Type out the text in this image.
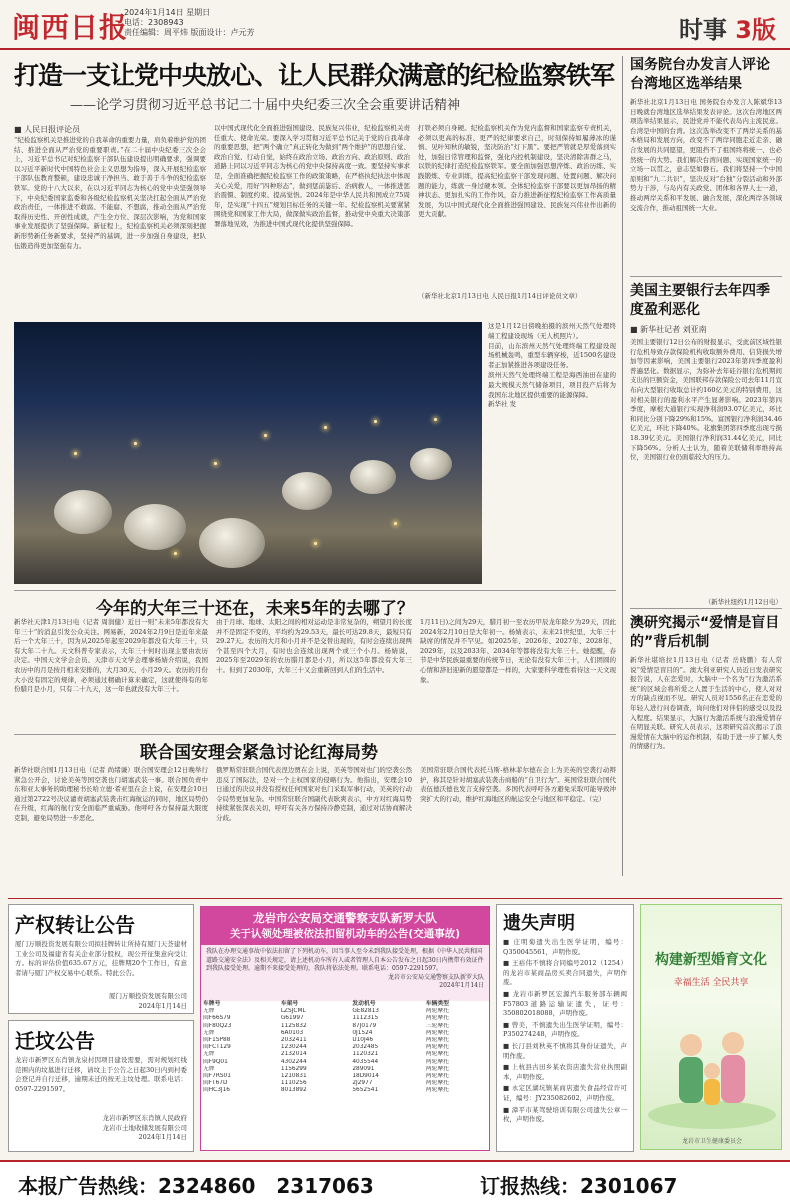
闽西日报
2024年1月14日 星期日
电话：2308943
责任编辑：周平炜 版面设计：卢元芳	时事 3版
打造一支让党中央放心、让人民群众满意的纪检监察铁军
——论学习贯彻习近平总书记二十届中央纪委三次全会重要讲话精神
■ 人民日报评论员
“纪检监察机关是推进党的自我革命的重要力量，肩负着维护党的团结、推进全面从严治党的重要职责。”在二十届中央纪委三次全会上，习近平总书记对纪检监察干部队伍建设提出明确要求，强调要以习近平新时代中国特色社会主义思想为指导，深入开展纪检监察干部队伍教育整顿，建设忠诚干净担当、敢于善于斗争的纪检监察铁军。党的十八大以来，在以习近平同志为核心的党中央坚强领导下，中央纪委国家监委和各级纪检监察机关坚决扛起全面从严治党政治责任，一体推进不敢腐、不能腐、不想腐，推动全面从严治党取得历史性、开创性成就，产生全方位、深层次影响，为党和国家事业发展提供了坚强保障。新征程上，纪检监察机关必须深刻把握新形势新任务新要求，坚持严的基调，进一步加强自身建设，把队伍锻造得更加坚强有力。
以中国式现代化全面推进强国建设、民族复兴伟业，纪检监察机关责任重大、使命光荣。要深入学习贯彻习近平总书记关于党的自我革命的重要思想，把“两个确立”真正转化为做到“两个维护”的思想自觉、政治自觉、行动自觉，始终在政治立场、政治方向、政治原则、政治道路上同以习近平同志为核心的党中央保持高度一致。要坚持实事求是，全面准确把握纪检监察工作的政策策略，在严格执纪执法中体现关心关爱，用好“四种形态”，做到惩前毖后、治病救人，一体推进惩治震慑、制度约束、提高觉悟。2024年是中华人民共和国成立75周年，是实现“十四五”规划目标任务的关键一年。纪检监察机关要紧紧围绕党和国家工作大局，做深做实政治监督，推动党中央重大决策部署落地见效，为推进中国式现代化提供坚强保障。
打铁必须自身硬。纪检监察机关作为党内监督和国家监察专责机关，必须以更高的标准、更严的纪律要求自己，时刻保持如履薄冰的谨慎、见叶知秋的敏锐，坚决防治“灯下黑”。要把严管就是厚爱落到实处，加强日常管理和监督，强化内控机制建设，坚决清除害群之马，以铁的纪律打造纪检监察铁军。要全面加强思想淬炼、政治历练、实践锻炼、专业训练，提高纪检监察干部发现问题、处置问题、解决问题的能力，练就一身过硬本领。全体纪检监察干部要以更加昂扬的精神状态、更加扎实的工作作风，奋力推进新征程纪检监察工作高质量发展，为以中国式现代化全面推进强国建设、民族复兴伟业作出新的更大贡献。
（新华社北京1月13日电 人民日报1月14日评论员文章）
这是1月12日傍晚拍摄的滨州天然气处理终端工程建设现场（无人机照片）。
目前，山东滨州天然气处理终端工程建设现场机械轰鸣，重型车辆穿梭，近1500名建设者正加紧推进各项建设任务。
滨州天然气处理终端工程是海西油田在建的最大规模天然气储备项目，项目投产后将为我国东北地区提供重要的能源保障。
新华社 发
今年的大年三十还在，未来5年的去哪了？
新华社天津1月13日电（记者 周润健）近日一则“未来5年都没有大年三十”的消息引发公众关注。网易新，2024年2月9日是近年来最后一个大年三十，因为从2025年起至2029年都没有大年三十，只有大年二十九。天文科普专家表示，大年三十何时出现主要由农历决定。中国天文学会会员、天津市天文学会理事杨婧介绍说，我国农历中的月是按月相来安排的，大月30天、小月29天。农历的月份大小没有固定的规律，必须通过精确计算来确定，这就使得有的年份腊月是小月，只有二十九天，这一年也就没有大年三十。
由于月球、地球、太阳之间的相对运动是非常复杂的，朔望月的长度并不是固定不变的，平均约为29.53天，最长可达29.8天，最短只有29.27天。农历的大月和小月并不是交替出现的，有时会连续出现两个甚至四个大月，有时也会连续出现两个或三个小月。杨婧说，2025年至2029年的农历腊月都是小月，所以这5年都没有大年三十。但到了2030年，大年三十又会重新回到人们的生活中。
1月11日)之间为29天，腊月初一至农历甲辰龙年除夕为29天，因此2024年2月10日是大年初一。杨婧表示，未来21世纪里，大年三十缺席的情况并不罕见。如2025年、2026年、2027年、2028年、2029年，以及2033年、2034年等都将没有大年三十。她提醒，春节是中华民族最重要的传统节日，无论有没有大年三十，人们团圆的心情和辞旧迎新的愿望都是一样的，大家要科学理性看待这一天文现象。
联合国安理会紧急讨论红海局势
新华社联合国1月13日电（记者 尚绪谦）联合国安理会12日晚举行紧急公开会，讨论美英等国空袭也门胡塞武装一事。联合国负责中东和亚太事务的助理秘书长哈立德·希亚里在会上说，在安理会10日通过第2722号决议谴责胡塞武装袭击红海航运的同时，地区局势仍在升级，红海的航行安全面临严重威胁。他呼吁各方保持最大限度克制，避免局势进一步恶化。
俄罗斯常驻联合国代表涅边贾在会上说，美英等国对也门的空袭公然违反了国际法，是对一个主权国家的侵略行为。他指出，安理会10日通过的决议并没有授权任何国家对也门采取军事行动，美英的行动令局势更加复杂。中国常驻联合国副代表耿爽表示，中方对红海局势持续紧张深表关切，呼吁有关各方保持冷静克制，通过对话协商解决分歧。
美国常驻联合国代表托马斯-格林菲尔德在会上为美英的空袭行动辩护，称其是针对胡塞武装袭击商船的“自卫行为”。英国常驻联合国代表伍德沃德也发言支持空袭。多国代表呼吁各方避免采取可能导致冲突扩大的行动，维护红海地区的航运安全与地区和平稳定。（完）
国务院台办发言人评论台湾地区选举结果
新华社北京1月13日电 国务院台办发言人陈斌华13日晚就台湾地区选举结果发表评论。这次台湾地区两项选举结果显示，民进党并不能代表岛内主流民意。台湾是中国的台湾。这次选举改变不了两岸关系的基本格局和发展方向，改变不了两岸同胞走近走亲、融合发展的共同愿望，更阻挡不了祖国终将统一、也必然统一的大势。我们解决台湾问题、实现国家统一的立场一以贯之，意志坚如磐石。我们将坚持一个中国原则和“九二共识”，坚决反对“台独”分裂活动和外部势力干涉，与岛内有关政党、团体和各界人士一道，推动两岸关系和平发展、融合发展，深化两岸各领域交流合作，推动祖国统一大业。
美国主要银行去年四季度盈利恶化
■ 新华社记者 刘亚南
美国主要银行12日公布的财报显示，受此前区域性银行危机导致存款保险机构收取额外费用、信贷损失增加等因素影响，美国主要银行2023年第四季度盈利普遍恶化。数据显示，为弥补去年硅谷银行危机期间支出的巨额资金，美国联邦存款保险公司去年11月宣布向大型银行收取总计约160亿美元的特别费用，这对相关银行的盈利水平产生显著影响。2023年第四季度，摩根大通银行实现净利润93.07亿美元，环比和同比分别下降29%和15%。富国银行净利润34.46亿美元，环比下降40%。花旗集团第四季度出现亏损18.39亿美元。美国银行净利润31.44亿美元，同比下降56%。分析人士认为，随着美联储利率维持高位，美国银行业仍面临较大的压力。
（新华社纽约1月12日电）
澳研究揭示“爱情是盲目的”背后机制
新华社堪培拉1月13日电（记者 岳晓鹏）有人常说“爱情是盲目的”。澳大利亚研究人员近日发表研究报告说，人在恋爱时，大脑中一个名为“行为激活系统”的区域会将所爱之人置于生活的中心，使人对对方的缺点视而不见。研究人员对1556名正在恋爱的年轻人进行问卷调查，询问他们对伴侣的感受以及投入程度。结果显示，大脑行为激活系统与浪漫爱情存在明显关联。研究人员表示，这项研究首次揭示了浪漫爱情在大脑中的运作机制，有助于进一步了解人类的情感行为。
产权转让公告
厦门万顺投资发展有限公司拟挂牌转让所持有厦门天荟建材工业公司及福建省有关企业部分股权，现公开征集意向受让方。标的评估价值635.67万元，挂牌期20个工作日，有意者请与厦门产权交易中心联系。特此公告。
厦门万顺投资发展有限公司
2024年1月14日
迁坟公告
龙岩市新罗区东肖镇龙泉村因项目建设需要，需对规划红线范围内的坟墓进行迁移，请坟主于公告之日起30日内到村委会登记并自行迁移，逾期未迁的按无主坟处理。联系电话：0597-2291597。
龙岩市新罗区东肖镇人民政府
龙岩市土地收储发展有限公司
2024年1月14日
龙岩市公安局交通警察支队新罗大队
关于认领处理被依法扣留机动车的公告(交通事故)
我队在办理交通事故中依法扣留了下列机动车，因当事人至今未到我队接受处理，根据《中华人民共和国道路交通安全法》及相关规定，请上述机动车所有人或者管理人自本公告发布之日起30日内携带有效证件到我队接受处理。逾期不来接受处理的，我队将依法处理。联系电话：0597-2291597。
龙岩市公安局交通警察支队新罗大队
2024年1月14日
车牌号	车架号	发动机号	车辆类型
无牌	LZSJCML	GE82813	两轮摩托
闽F66S79	G61997	1112315	两轮摩托
闽F80Q23	1125832	87J0179	三轮摩托
无牌	6A0103	0J1524	两轮摩托
闽F1SP88	2032411	U10J46	两轮摩托
闽FCT129	1230244	2032485	两轮摩托
无牌	2132014	1120321	两轮摩托
闽F9Q01	4302244	4035544	两轮摩托
无牌	1156299	289091	两轮摩托
闽F7RS01	1210831	18D9014	两轮摩托
闽FT67D	1110256	2J2977	两轮摩托
闽HC3J16	8013892	5652541	两轮摩托
遗失声明
■ 庄明菊遗失出生医学证明，编号：Q350045561，声明作废。
■ 王裕伟不慎将合同编号2012（1254）的龙岩市某商品房买卖合同遗失，声明作废。
■ 龙岩市新罗区宏源汽车服务部车辆闽F57803道路运输证遗失，证号：350802018088，声明作废。
■ 曾美，不慎遗失出生医学证明，编号：P350274248，声明作废。
■ 长汀县刘秋英不慎将其身份证遗失，声明作废。
■ 上杭县古田乡某农资店遗失营业执照副本，声明作废。
■ 永定区湖坑镇某商店遗失食品经营许可证，编号：JY235082602，声明作废。
■ 漳平市某驾驶培训有限公司遗失公章一枚，声明作废。
构建新型婚育文化
幸福生活 全民共享
龙岩市卫生健康委员会
本报广告热线：2324860 2317063	订报热线：2301067
